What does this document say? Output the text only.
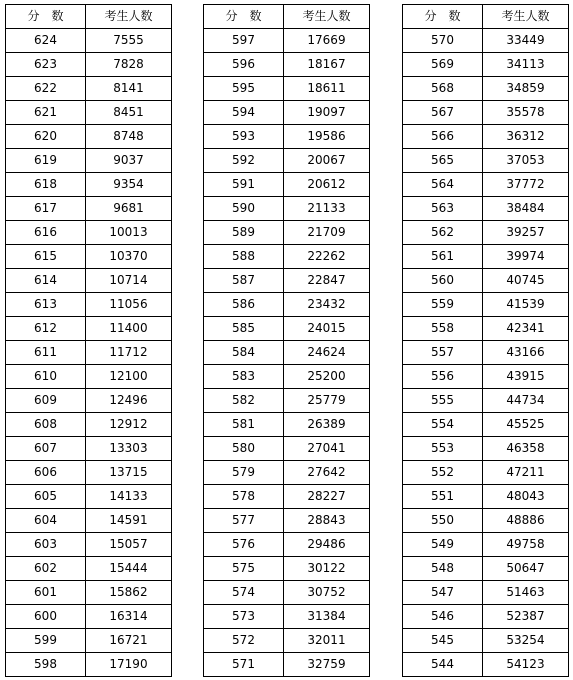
分数	考生人数
624	7555
623	7828
622	8141
621	8451
620	8748
619	9037
618	9354
617	9681
616	10013
615	10370
614	10714
613	11056
612	11400
611	11712
610	12100
609	12496
608	12912
607	13303
606	13715
605	14133
604	14591
603	15057
602	15444
601	15862
600	16314
599	16721
598	17190
分数	考生人数
597	17669
596	18167
595	18611
594	19097
593	19586
592	20067
591	20612
590	21133
589	21709
588	22262
587	22847
586	23432
585	24015
584	24624
583	25200
582	25779
581	26389
580	27041
579	27642
578	28227
577	28843
576	29486
575	30122
574	30752
573	31384
572	32011
571	32759
分数	考生人数
570	33449
569	34113
568	34859
567	35578
566	36312
565	37053
564	37772
563	38484
562	39257
561	39974
560	40745
559	41539
558	42341
557	43166
556	43915
555	44734
554	45525
553	46358
552	47211
551	48043
550	48886
549	49758
548	50647
547	51463
546	52387
545	53254
544	54123
